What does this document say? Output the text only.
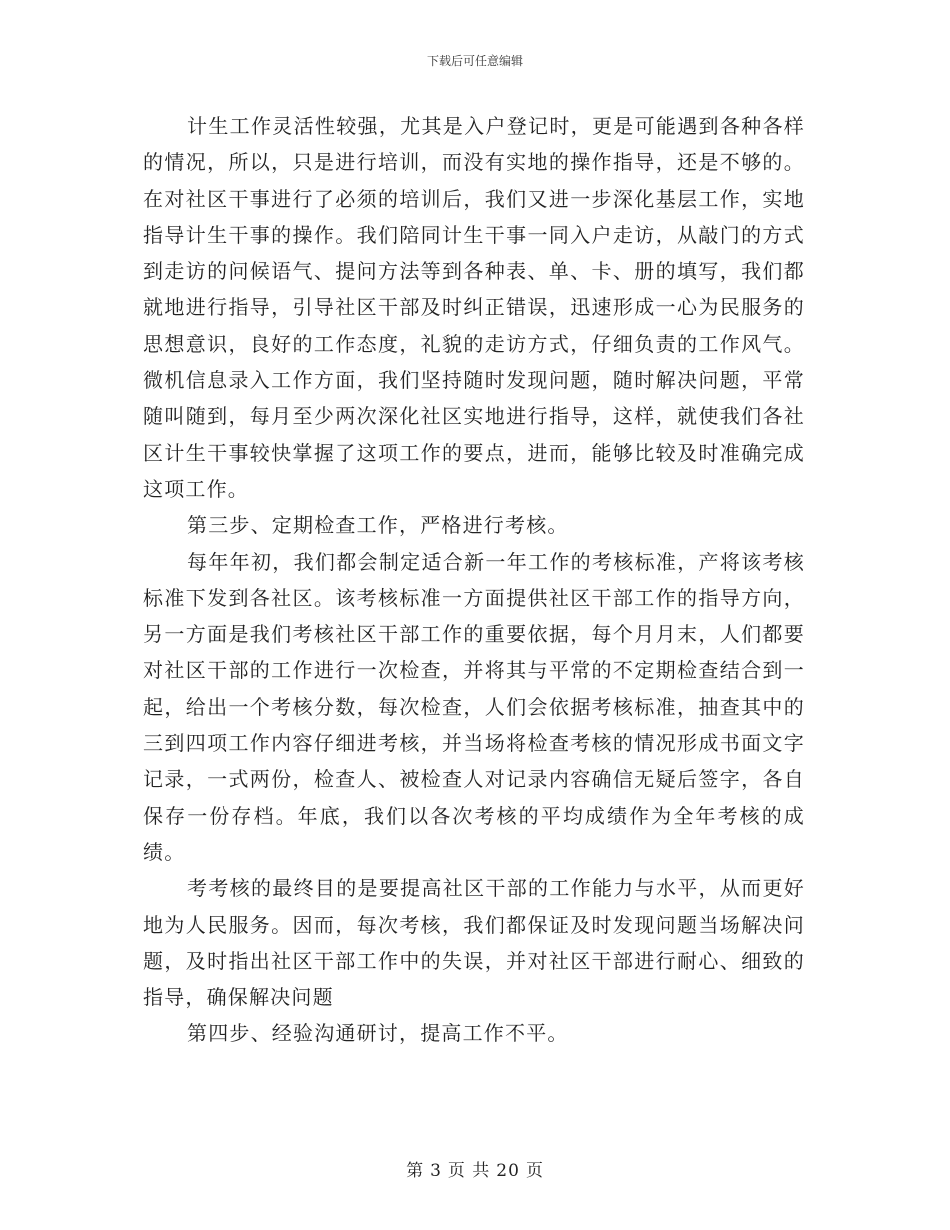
下载后可任意编辑

计生工作灵活性较强，尤其是入户登记时，更是可能遇到各种各样的情况，所以，只是进行培训，而没有实地的操作指导，还是不够的。在对社区干事进行了必须的培训后，我们又进一步深化基层工作，实地指导计生干事的操作。我们陪同计生干事一同入户走访，从敲门的方式到走访的问候语气、提问方法等到各种表、单、卡、册的填写，我们都就地进行指导，引导社区干部及时纠正错误，迅速形成一心为民服务的思想意识，良好的工作态度，礼貌的走访方式，仔细负责的工作风气。微机信息录入工作方面，我们坚持随时发现问题，随时解决问题，平常随叫随到，每月至少两次深化社区实地进行指导，这样，就使我们各社区计生干事较快掌握了这项工作的要点，进而，能够比较及时准确完成这项工作。

第三步、定期检查工作，严格进行考核。

每年年初，我们都会制定适合新一年工作的考核标准，产将该考核标准下发到各社区。该考核标准一方面提供社区干部工作的指导方向，另一方面是我们考核社区干部工作的重要依据，每个月月末，人们都要对社区干部的工作进行一次检查，并将其与平常的不定期检查结合到一起，给出一个考核分数，每次检查，人们会依据考核标准，抽查其中的三到四项工作内容仔细进考核，并当场将检查考核的情况形成书面文字记录，一式两份，检查人、被检查人对记录内容确信无疑后签字，各自保存一份存档。年底，我们以各次考核的平均成绩作为全年考核的成绩。

考考核的最终目的是要提高社区干部的工作能力与水平，从而更好地为人民服务。因而，每次考核，我们都保证及时发现问题当场解决问题，及时指出社区干部工作中的失误，并对社区干部进行耐心、细致的指导，确保解决问题

第四步、经验沟通研讨，提高工作不平。

第 3 页 共 20 页
